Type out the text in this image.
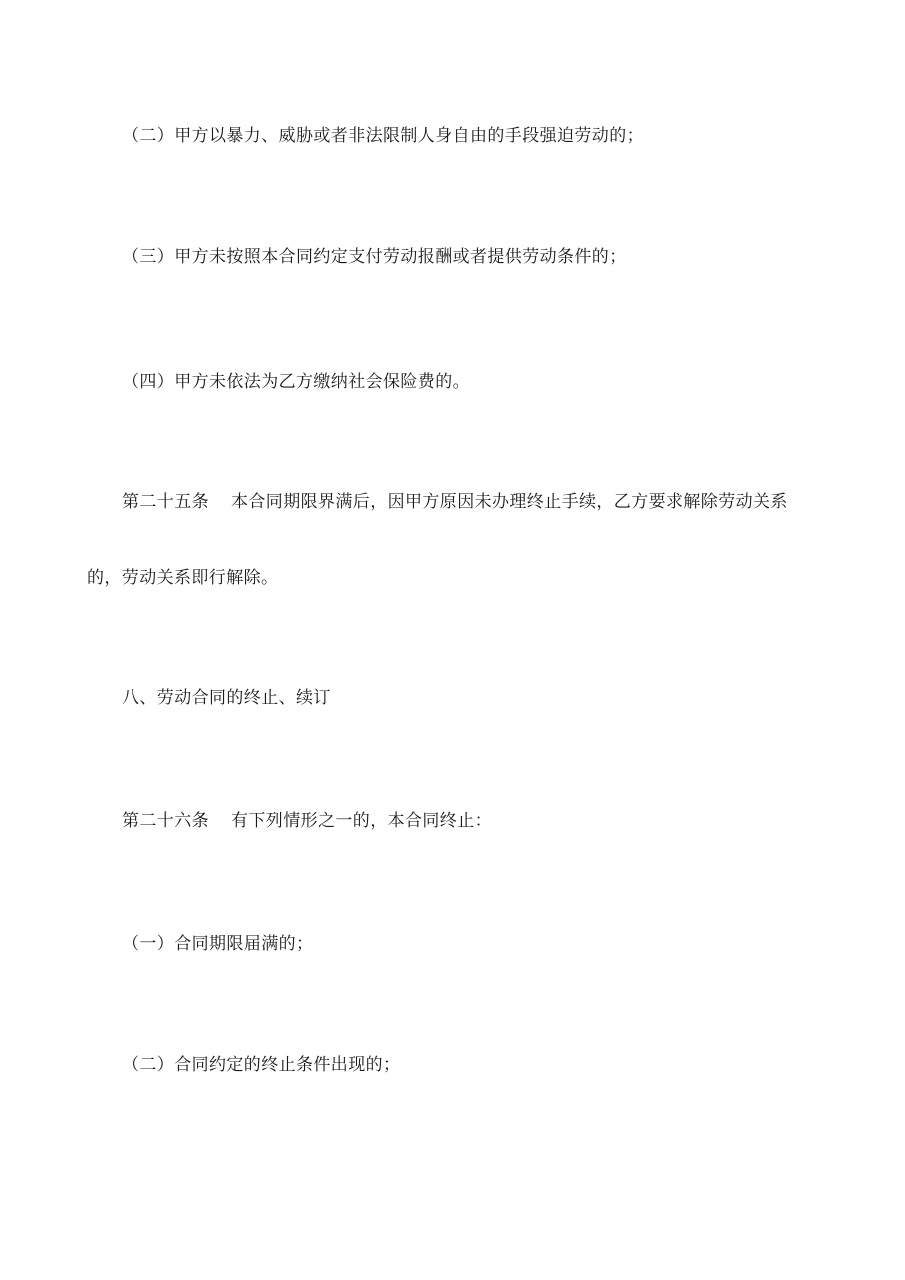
（二）甲方以暴力、威胁或者非法限制人身自由的手段强迫劳动的；
（三）甲方未按照本合同约定支付劳动报酬或者提供劳动条件的；
（四）甲方未依法为乙方缴纳社会保险费的。
第二十五条 本合同期限界满后，因甲方原因未办理终止手续，乙方要求解除劳动关系
的，劳动关系即行解除。
八、劳动合同的终止、续订
第二十六条 有下列情形之一的，本合同终止：
（一）合同期限届满的；
（二）合同约定的终止条件出现的；
